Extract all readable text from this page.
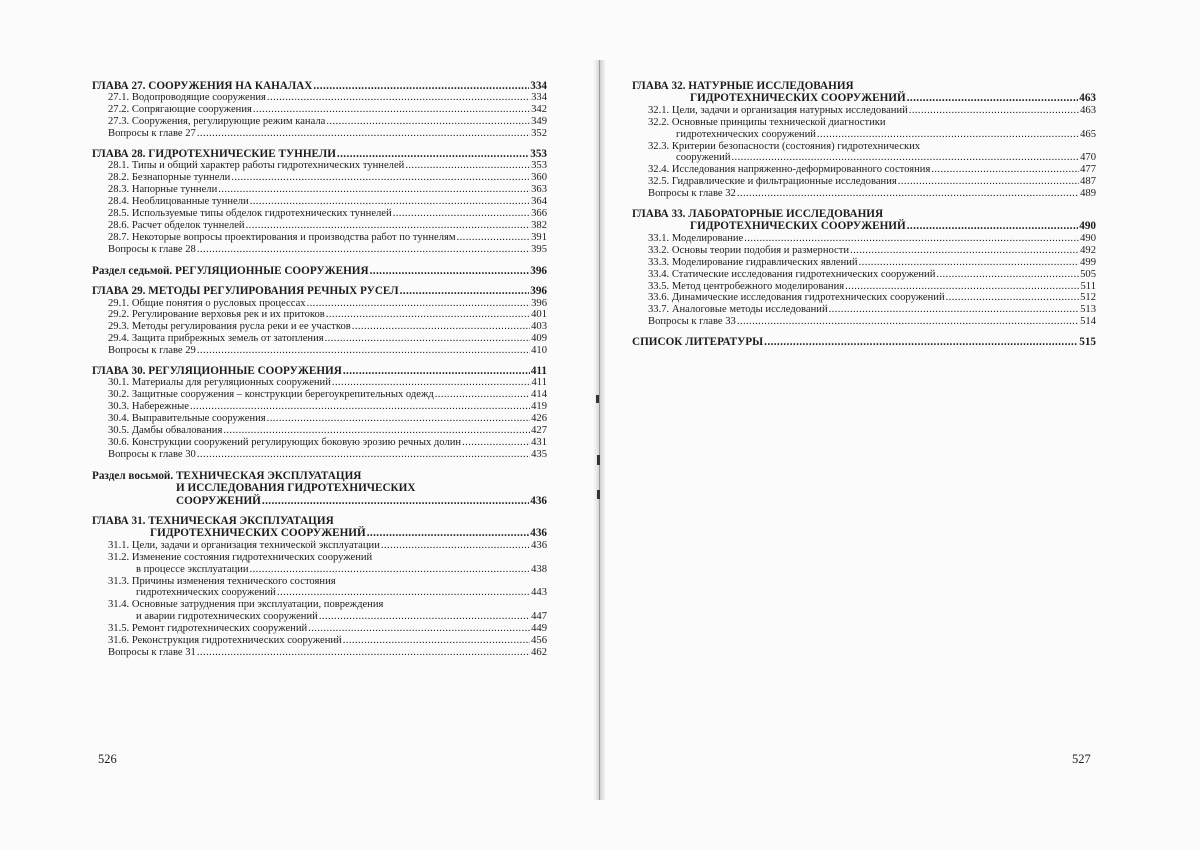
ГЛАВА 27. СООРУЖЕНИЯ НА КАНАЛАХ .....	334
27.1. Водопроводящие сооружения .....	334
27.2. Сопрягающие сооружения .....	342
27.3. Сооружения, регулирующие режим канала .....	349
Вопросы к главе 27 .....	352
ГЛАВА 28. ГИДРОТЕХНИЧЕСКИЕ ТУННЕЛИ .....	353
28.1. Типы и общий характер работы гидротехнических туннелей .....	353
28.2. Безнапорные туннели .....	360
28.3. Напорные туннели .....	363
28.4. Необлицованные туннели .....	364
28.5. Используемые типы обделок гидротехнических туннелей .....	366
28.6. Расчет обделок туннелей .....	382
28.7. Некоторые вопросы проектирования и производства работ по туннелям .....	391
Вопросы к главе 28 .....	395
Раздел седьмой. РЕГУЛЯЦИОННЫЕ СООРУЖЕНИЯ .....	396
ГЛАВА 29. МЕТОДЫ РЕГУЛИРОВАНИЯ РЕЧНЫХ РУСЕЛ .....	396
29.1. Общие понятия о русловых процессах .....	396
29.2. Регулирование верховья рек и их притоков .....	401
29.3. Методы регулирования русла реки и ее участков .....	403
29.4. Защита прибрежных земель от затопления .....	409
Вопросы к главе 29 .....	410
ГЛАВА 30. РЕГУЛЯЦИОННЫЕ СООРУЖЕНИЯ .....	411
30.1. Материалы для регуляционных сооружений .....	411
30.2. Защитные сооружения – конструкции берегоукрепительных одежд .....	414
30.3. Набережные .....	419
30.4. Выправительные сооружения .....	426
30.5. Дамбы обвалования .....	427
30.6. Конструкции сооружений регулирующих боковую эрозию речных долин .....	431
Вопросы к главе 30 .....	435
Раздел восьмой. ТЕХНИЧЕСКАЯ ЭКСПЛУАТАЦИЯ
И ИССЛЕДОВАНИЯ ГИДРОТЕХНИЧЕСКИХ
СООРУЖЕНИЙ .....	436
ГЛАВА 31. ТЕХНИЧЕСКАЯ ЭКСПЛУАТАЦИЯ
ГИДРОТЕХНИЧЕСКИХ СООРУЖЕНИЙ .....	436
31.1. Цели, задачи и организация технической эксплуатации .....	436
31.2. Изменение состояния гидротехнических сооружений
в процессе эксплуатации .....	438
31.3. Причины изменения технического состояния
гидротехнических сооружений .....	443
31.4. Основные затруднения при эксплуатации, повреждения
и аварии гидротехнических сооружений .....	447
31.5. Ремонт гидротехнических сооружений .....	449
31.6. Реконструкция гидротехнических сооружений .....	456
Вопросы к главе 31 .....	462
ГЛАВА 32. НАТУРНЫЕ ИССЛЕДОВАНИЯ
ГИДРОТЕХНИЧЕСКИХ СООРУЖЕНИЙ .....	463
32.1. Цели, задачи и организация натурных исследований .....	463
32.2. Основные принципы технической диагностики
гидротехнических сооружений .....	465
32.3. Критерии безопасности (состояния) гидротехнических
сооружений .....	470
32.4. Исследования напряженно-деформированного состояния .....	477
32.5. Гидравлические и фильтрационные исследования .....	487
Вопросы к главе 32 .....	489
ГЛАВА 33. ЛАБОРАТОРНЫЕ ИССЛЕДОВАНИЯ
ГИДРОТЕХНИЧЕСКИХ СООРУЖЕНИЙ .....	490
33.1. Моделирование .....	490
33.2. Основы теории подобия и размерности .....	492
33.3. Моделирование гидравлических явлений .....	499
33.4. Статические исследования гидротехнических сооружений .....	505
33.5. Метод центробежного моделирования .....	511
33.6. Динамические исследования гидротехнических сооружений .....	512
33.7. Аналоговые методы исследований .....	513
Вопросы к главе 33 .....	514
СПИСОК ЛИТЕРАТУРЫ .....	515
526	527
